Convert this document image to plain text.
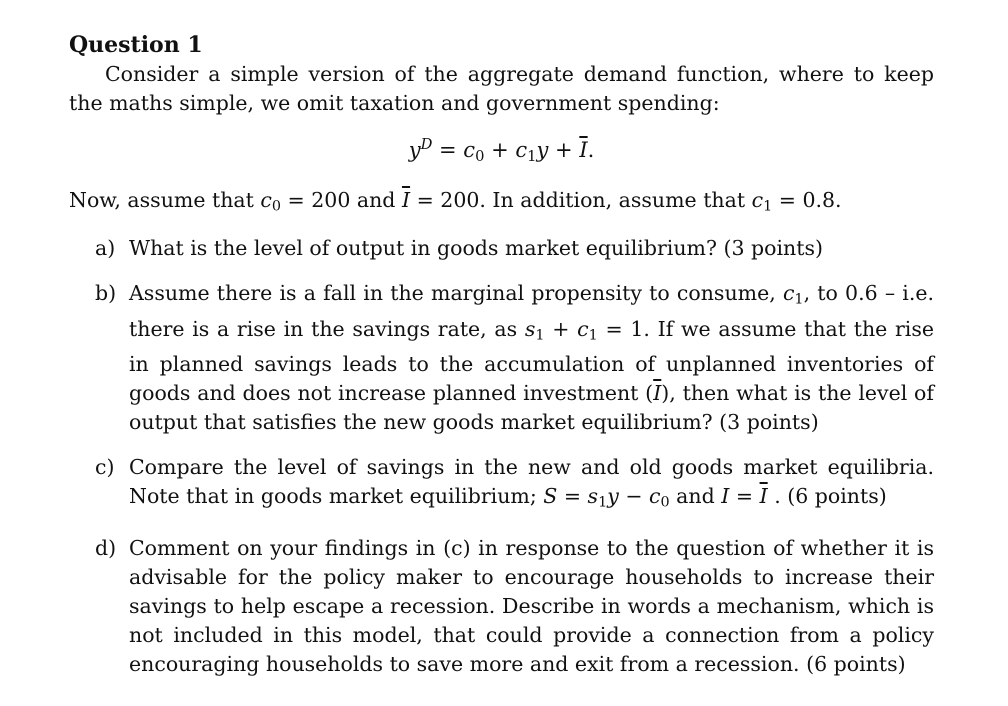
Question 1

Consider a simple version of the aggregate demand function, where to keep the maths simple, we omit taxation and government spending:

$y^D = c_0 + c_1y + \overline{I}$.

Now, assume that $c_0 = 200$ and $\overline{I} = 200$. In addition, assume that $c_1 = 0.8$.

a) What is the level of output in goods market equilibrium? (3 points)
b) Assume there is a fall in the marginal propensity to consume, $c_1$, to 0.6 – i.e. there is a rise in the savings rate, as $s_1 + c_1 = 1$. If we assume that the rise in planned savings leads to the accumulation of unplanned inventories of goods and does not increase planned investment $(\overline{I})$, then what is the level of output that satisfies the new goods market equilibrium? (3 points)
c) Compare the level of savings in the new and old goods market equilibria. Note that in goods market equilibrium; $S = s_1y - c_0$ and $I = \overline{I}$ . (6 points)
d) Comment on your findings in (c) in response to the question of whether it is advisable for the policy maker to encourage households to increase their savings to help escape a recession. Describe in words a mechanism, which is not included in this model, that could provide a connection from a policy encouraging households to save more and exit from a recession. (6 points)
